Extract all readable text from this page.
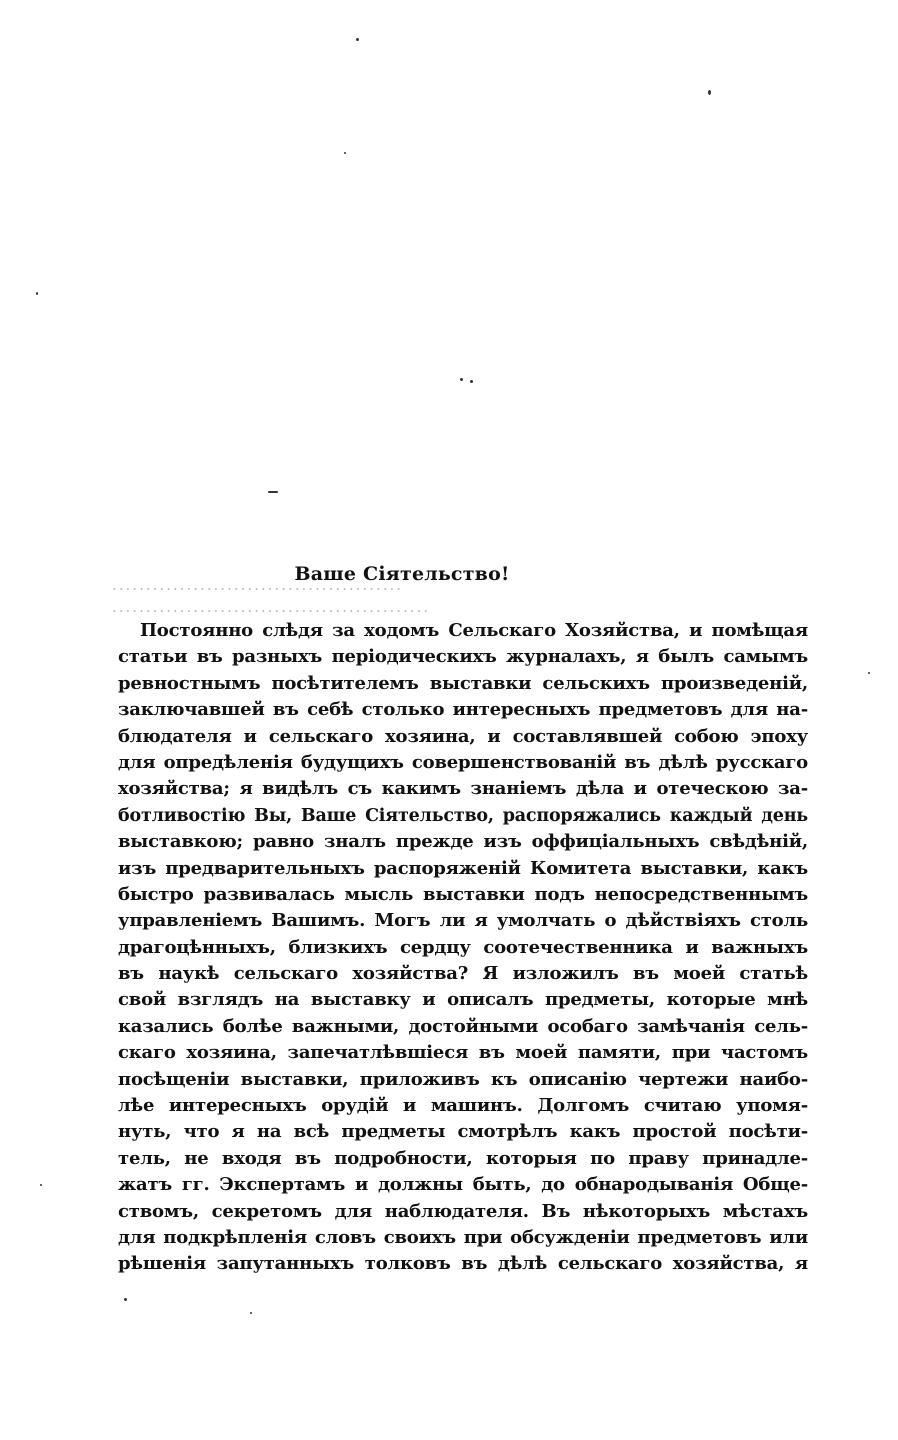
...........................................
...............................................
Ваше Сiятельство!
Постоянно слѣдя за ходомъ Сельскаго Хозяйства, и помѣщая
статьи въ разныхъ перiодическихъ журналахъ, я былъ самымъ
ревностнымъ посѣтителемъ выставки сельскихъ произведенiй,
заключавшей въ себѣ столько интересныхъ предметовъ для на-
блюдателя и сельскаго хозяина, и составлявшей собою эпоху
для опредѣленiя будущихъ совершенствованiй въ дѣлѣ русскаго
хозяйства; я видѣлъ съ какимъ знанiемъ дѣла и отеческою за-
ботливостiю Вы, Ваше Сiятельство, распоряжались каждый день
выставкою; равно зналъ прежде изъ оффицiальныхъ свѣдѣнiй,
изъ предварительныхъ распоряженiй Комитета выставки, какъ
быстро развивалась мысль выставки подъ непосредственнымъ
управленiемъ Вашимъ. Могъ ли я умолчать о дѣйствiяхъ столь
драгоцѣнныхъ, близкихъ сердцу соотечественника и важныхъ
въ наукѣ сельскаго хозяйства? Я изложилъ въ моей статьѣ
свой взглядъ на выставку и описалъ предметы, которые мнѣ
казались болѣе важными, достойными особаго замѣчанiя сель-
скаго хозяина, запечатлѣвшiеся въ моей памяти, при частомъ
посѣщенiи выставки, приложивъ къ описанiю чертежи наибо-
лѣе интересныхъ орудiй и машинъ. Долгомъ считаю упомя-
нуть, что я на всѣ предметы смотрѣлъ какъ простой посѣти-
тель, не входя въ подробности, которыя по праву принадле-
жатъ гг. Экспертамъ и должны быть, до обнародыванiя Обще-
ствомъ, секретомъ для наблюдателя. Въ нѣкоторыхъ мѣстахъ
для подкрѣпленiя словъ своихъ при обсужденiи предметовъ или
рѣшенiя запутанныхъ толковъ въ дѣлѣ сельскаго хозяйства, я
